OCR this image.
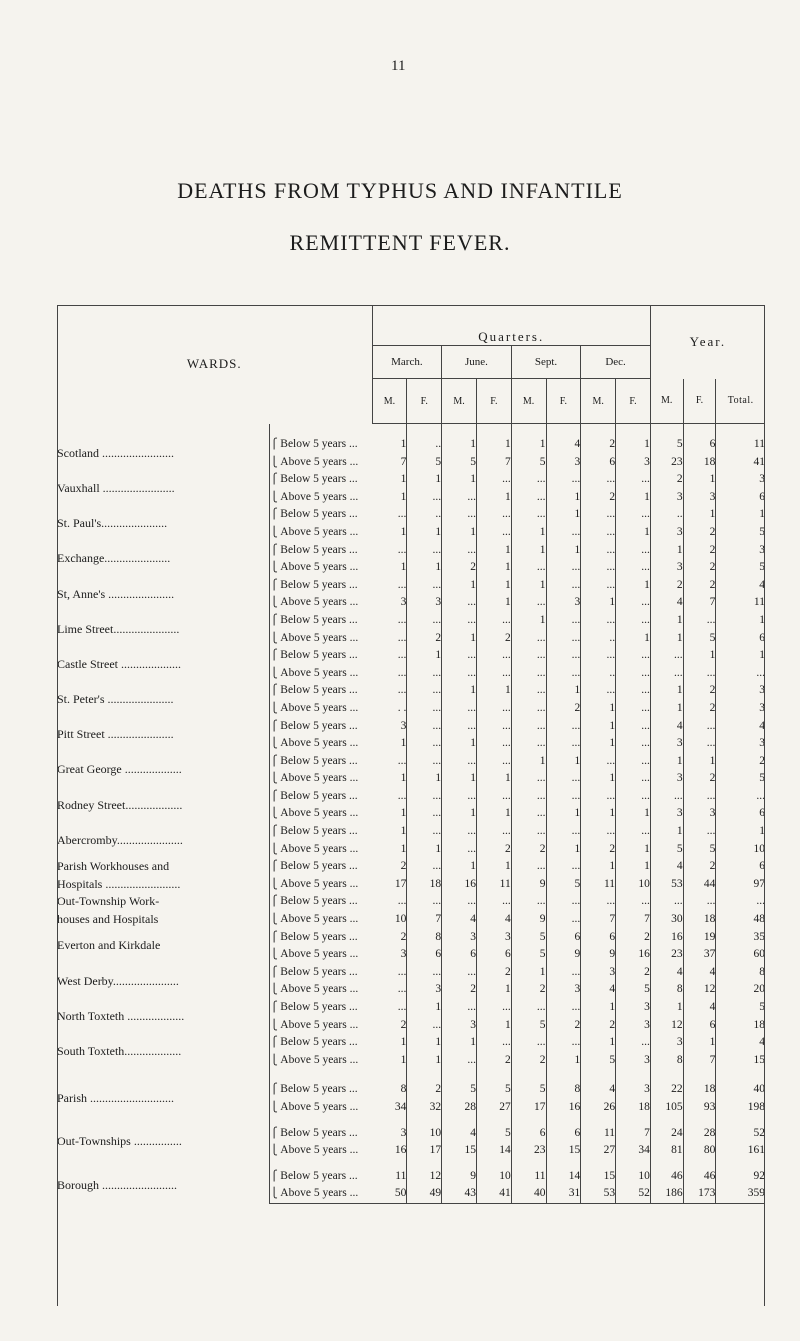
11
DEATHS FROM TYPHUS AND INFANTILE
REMITTENT FEVER.
WARDS.		Quarters.								Year.		
		March.		June.		Sept.		Dec.				
		M.	F.	M.	F.	M.	F.	M.	F.	M.	F.	Total.

Scotland ........................	⎧ Below 5 years ...	1	..	1	1	1	4	2	1	5	6	11
	⎩ Above 5 years ...	7	5	5	7	5	3	6	3	23	18	41

Vauxhall ........................	⎧ Below 5 years ...	1	1	1	...	...	...	...	...	2	1	3
	⎩ Above 5 years ...	1	...	...	1	...	1	2	1	3	3	6

St. Paul's......................	⎧ Below 5 years ...	...	..	...	...	...	1	...	...	..	1	1
	⎩ Above 5 years ...	1	1	1	...	1	...	...	1	3	2	5

Exchange......................	⎧ Below 5 years ...	...	...	...	1	1	1	...	...	1	2	3
	⎩ Above 5 years ...	1	1	2	1	...	...	...	...	3	2	5

St, Anne's ......................	⎧ Below 5 years ...	...	...	1	1	1	...	...	1	2	2	4
	⎩ Above 5 years ...	3	3	...	1	...	3	1	...	4	7	11

Lime Street......................	⎧ Below 5 years ...	...	...	...	...	1	...	...	...	1	...	1
	⎩ Above 5 years ...	...	2	1	2	...	...	..	1	1	5	6

Castle Street ....................	⎧ Below 5 years ...	...	1	...	...	...	...	...	...	...	1	1
	⎩ Above 5 years ...	...	...	...	...	...	...	..	...	...	...	...

St. Peter's ......................	⎧ Below 5 years ...	...	...	1	1	...	1	...	...	1	2	3
	⎩ Above 5 years ...	. .	...	...	...	...	2	1	...	1	2	3

Pitt Street ......................	⎧ Below 5 years ...	3	...	...	...	...	...	1	...	4	...	4
	⎩ Above 5 years ...	1	...	1	...	...	...	1	...	3	...	3

Great George ...................	⎧ Below 5 years ...	...	...	...	...	1	1	...	...	1	1	2
	⎩ Above 5 years ...	1	1	1	1	...	...	1	...	3	2	5

Rodney Street...................	⎧ Below 5 years ...	...	...	...	...	...	...	...	...	...	...	...
	⎩ Above 5 years ...	1	...	1	1	...	1	1	1	3	3	6

Abercromby......................	⎧ Below 5 years ...	1	...	...	...	...	...	...	...	1	...	1
	⎩ Above 5 years ...	1	1	...	2	2	1	2	1	5	5	10

Parish Workhouses and
Hospitals .........................	⎧ Below 5 years ...	2	...	1	1	...	...	1	1	4	2	6
	⎩ Above 5 years ...	17	18	16	11	9	5	11	10	53	44	97

Out-Township Work-
houses and Hospitals	⎧ Below 5 years ...	...	...	...	...	...	...	...	...	...	...	...
	⎩ Above 5 years ...	10	7	4	4	9	...	7	7	30	18	48

Everton and Kirkdale	⎧ Below 5 years ...	2	8	3	3	5	6	6	2	16	19	35
	⎩ Above 5 years ...	3	6	6	6	5	9	9	16	23	37	60

West Derby......................	⎧ Below 5 years ...	...	...	...	2	1	...	3	2	4	4	8
	⎩ Above 5 years ...	...	3	2	1	2	3	4	5	8	12	20

North Toxteth ...................	⎧ Below 5 years ...	...	1	...	...	...	...	1	3	1	4	5
	⎩ Above 5 years ...	2	...	3	1	5	2	2	3	12	6	18

South Toxteth...................	⎧ Below 5 years ...	1	1	1	...	...	...	1	...	3	1	4
	⎩ Above 5 years ...	1	1	...	2	2	1	5	3	8	7	15

Parish ............................	⎧ Below 5 years ...	8	2	5	5	5	8	4	3	22	18	40
	⎩ Above 5 years ...	34	32	28	27	17	16	26	18	105	93	198

Out-Townships ................	⎧ Below 5 years ...	3	10	4	5	6	6	11	7	24	28	52
	⎩ Above 5 years ...	16	17	15	14	23	15	27	34	81	80	161

Borough .........................	⎧ Below 5 years ...	11	12	9	10	11	14	15	10	46	46	92
	⎩ Above 5 years ...	50	49	43	41	40	31	53	52	186	173	359
